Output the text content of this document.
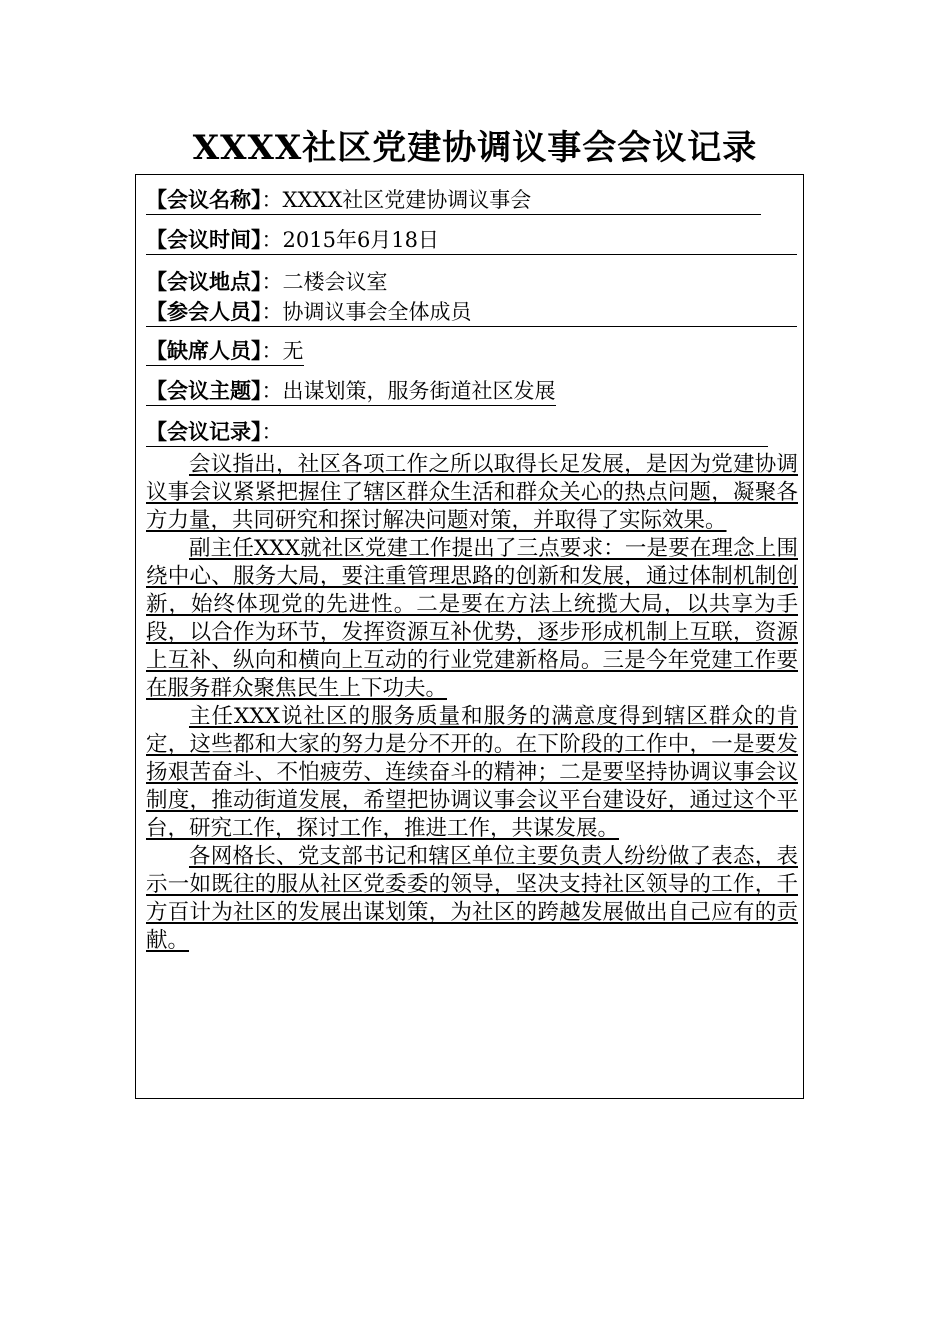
XXXX社区党建协调议事会会议记录
【会议名称】：XXXX社区党建协调议事会
【会议时间】：2015年6月18日
【会议地点】：二楼会议室
【参会人员】：协调议事会全体成员
【缺席人员】：无
【会议主题】：出谋划策，服务街道社区发展
【会议记录】：

会议指出，社区各项工作之所以取得长足发展，是因为党建协调议事会议紧紧把握住了辖区群众生活和群众关心的热点问题，凝聚各方力量，共同研究和探讨解决问题对策，并取得了实际效果。

副主任XXX就社区党建工作提出了三点要求：一是要在理念上围绕中心、服务大局，要注重管理思路的创新和发展，通过体制机制创新，始终体现党的先进性。二是要在方法上统揽大局，以共享为手段，以合作为环节，发挥资源互补优势，逐步形成机制上互联，资源上互补、纵向和横向上互动的行业党建新格局。三是今年党建工作要在服务群众聚焦民生上下功夫。

主任XXX说社区的服务质量和服务的满意度得到辖区群众的肯定，这些都和大家的努力是分不开的。在下阶段的工作中，一是要发扬艰苦奋斗、不怕疲劳、连续奋斗的精神；二是要坚持协调议事会议制度，推动街道发展，希望把协调议事会议平台建设好，通过这个平台，研究工作，探讨工作，推进工作，共谋发展。

各网格长、党支部书记和辖区单位主要负责人纷纷做了表态，表示一如既往的服从社区党委委的领导，坚决支持社区领导的工作，千方百计为社区的发展出谋划策，为社区的跨越发展做出自己应有的贡献。
